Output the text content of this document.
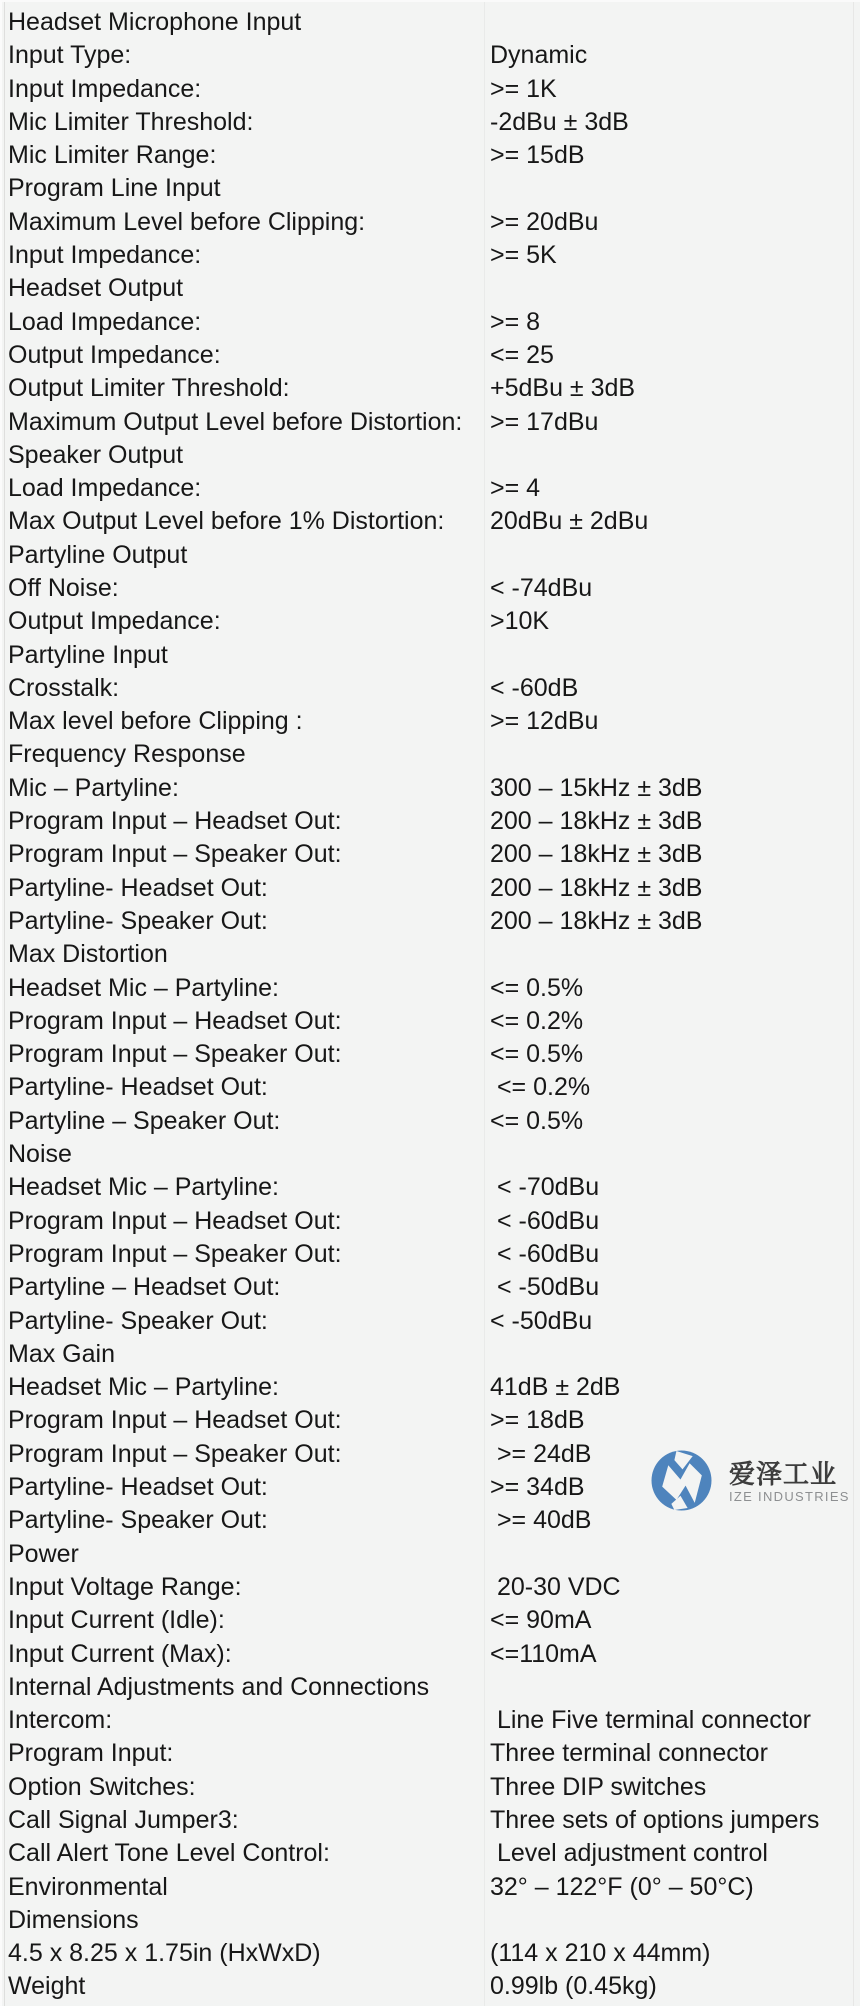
Headset Microphone Input
Input Type:	Dynamic
Input Impedance:	>= 1K
Mic Limiter Threshold:	-2dBu ± 3dB
Mic Limiter Range:	>= 15dB
Program Line Input
Maximum Level before Clipping:	>= 20dBu
Input Impedance:	>= 5K
Headset Output
Load Impedance:	>= 8
Output Impedance:	<= 25
Output Limiter Threshold:	+5dBu ± 3dB
Maximum Output Level before Distortion:	>= 17dBu
Speaker Output
Load Impedance:	>= 4
Max Output Level before 1% Distortion:	20dBu ± 2dBu
Partyline Output
Off Noise:	< -74dBu
Output Impedance:	>10K
Partyline Input
Crosstalk:	< -60dB
Max level before Clipping :	>= 12dBu
Frequency Response
Mic – Partyline:	300 – 15kHz ± 3dB
Program Input – Headset Out:	200 – 18kHz ± 3dB
Program Input – Speaker Out:	200 – 18kHz ± 3dB
Partyline- Headset Out:	200 – 18kHz ± 3dB
Partyline- Speaker Out:	200 – 18kHz ± 3dB
Max Distortion
Headset Mic – Partyline:	<= 0.5%
Program Input – Headset Out:	<= 0.2%
Program Input – Speaker Out:	<= 0.5%
Partyline- Headset Out:	<= 0.2%
Partyline – Speaker Out:	<= 0.5%
Noise
Headset Mic – Partyline:	< -70dBu
Program Input – Headset Out:	< -60dBu
Program Input – Speaker Out:	< -60dBu
Partyline – Headset Out:	< -50dBu
Partyline- Speaker Out:	< -50dBu
Max Gain
Headset Mic – Partyline:	41dB ± 2dB
Program Input – Headset Out:	>= 18dB
Program Input – Speaker Out:	>= 24dB
Partyline- Headset Out:	>= 34dB
Partyline- Speaker Out:	>= 40dB
Power
Input Voltage Range:	20-30 VDC
Input Current (Idle):	<= 90mA
Input Current (Max):	<=110mA
Internal Adjustments and Connections
Intercom:	Line Five terminal connector
Program Input:	Three terminal connector
Option Switches:	Three DIP switches
Call Signal Jumper3:	Three sets of options jumpers
Call Alert Tone Level Control:	Level adjustment control
Environmental	32° – 122°F (0° – 50°C)
Dimensions
4.5 x 8.25 x 1.75in (HxWxD)	(114 x 210 x 44mm)
Weight	0.99lb (0.45kg)
爱泽工业
IZE INDUSTRIES
